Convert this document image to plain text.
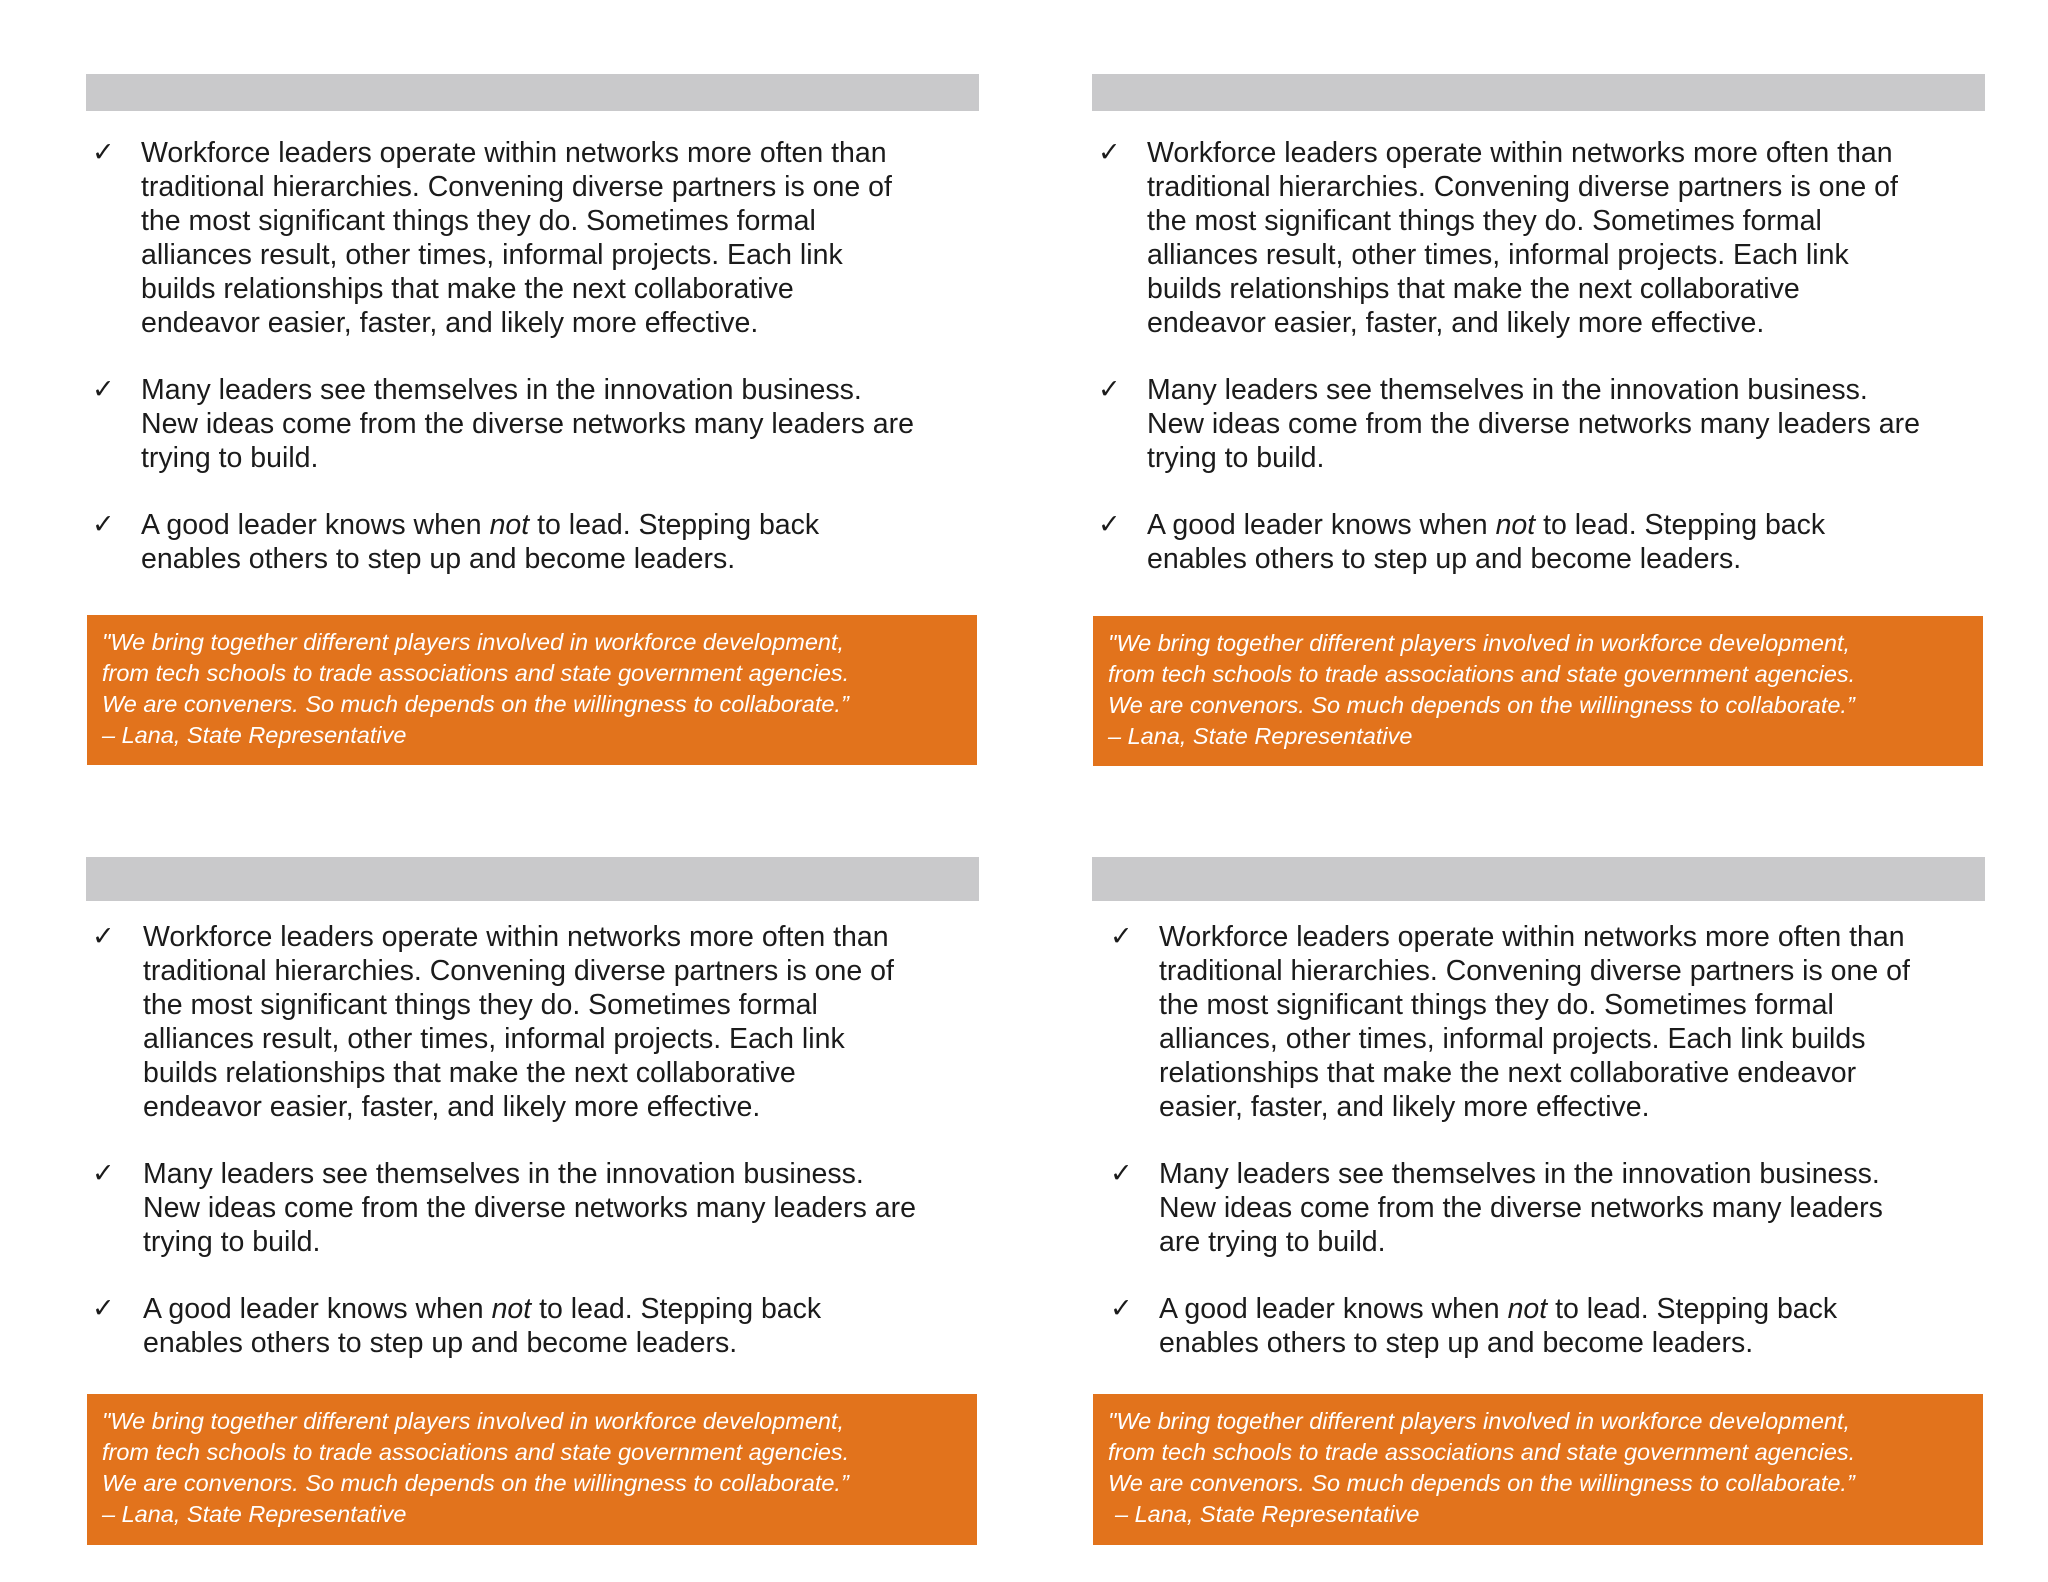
✓ Workforce leaders operate within networks more often than
traditional hierarchies. Convening diverse partners is one of
the most significant things they do. Sometimes formal
alliances result, other times, informal projects. Each link
builds relationships that make the next collaborative
endeavor easier, faster, and likely more effective.
✓ Many leaders see themselves in the innovation business.
New ideas come from the diverse networks many leaders are
trying to build.
✓ A good leader knows when not to lead. Stepping back
enables others to step up and become leaders.
"We bring together different players involved in workforce development,
from tech schools to trade associations and state government agencies.
We are conveners. So much depends on the willingness to collaborate.”
– Lana, State Representative
✓ Workforce leaders operate within networks more often than
traditional hierarchies. Convening diverse partners is one of
the most significant things they do. Sometimes formal
alliances result, other times, informal projects. Each link
builds relationships that make the next collaborative
endeavor easier, faster, and likely more effective.
✓ Many leaders see themselves in the innovation business.
New ideas come from the diverse networks many leaders are
trying to build.
✓ A good leader knows when not to lead. Stepping back
enables others to step up and become leaders.
"We bring together different players involved in workforce development,
from tech schools to trade associations and state government agencies.
We are convenors. So much depends on the willingness to collaborate.”
– Lana, State Representative
✓ Workforce leaders operate within networks more often than
traditional hierarchies. Convening diverse partners is one of
the most significant things they do. Sometimes formal
alliances result, other times, informal projects. Each link
builds relationships that make the next collaborative
endeavor easier, faster, and likely more effective.
✓ Many leaders see themselves in the innovation business.
New ideas come from the diverse networks many leaders are
trying to build.
✓ A good leader knows when not to lead. Stepping back
enables others to step up and become leaders.
"We bring together different players involved in workforce development,
from tech schools to trade associations and state government agencies.
We are convenors. So much depends on the willingness to collaborate.”
– Lana, State Representative
✓ Workforce leaders operate within networks more often than
traditional hierarchies. Convening diverse partners is one of
the most significant things they do. Sometimes formal
alliances, other times, informal projects. Each link builds
relationships that make the next collaborative endeavor
easier, faster, and likely more effective.
✓ Many leaders see themselves in the innovation business.
New ideas come from the diverse networks many leaders
are trying to build.
✓ A good leader knows when not to lead. Stepping back
enables others to step up and become leaders.
"We bring together different players involved in workforce development,
from tech schools to trade associations and state government agencies.
We are convenors. So much depends on the willingness to collaborate.”
– Lana, State Representative
